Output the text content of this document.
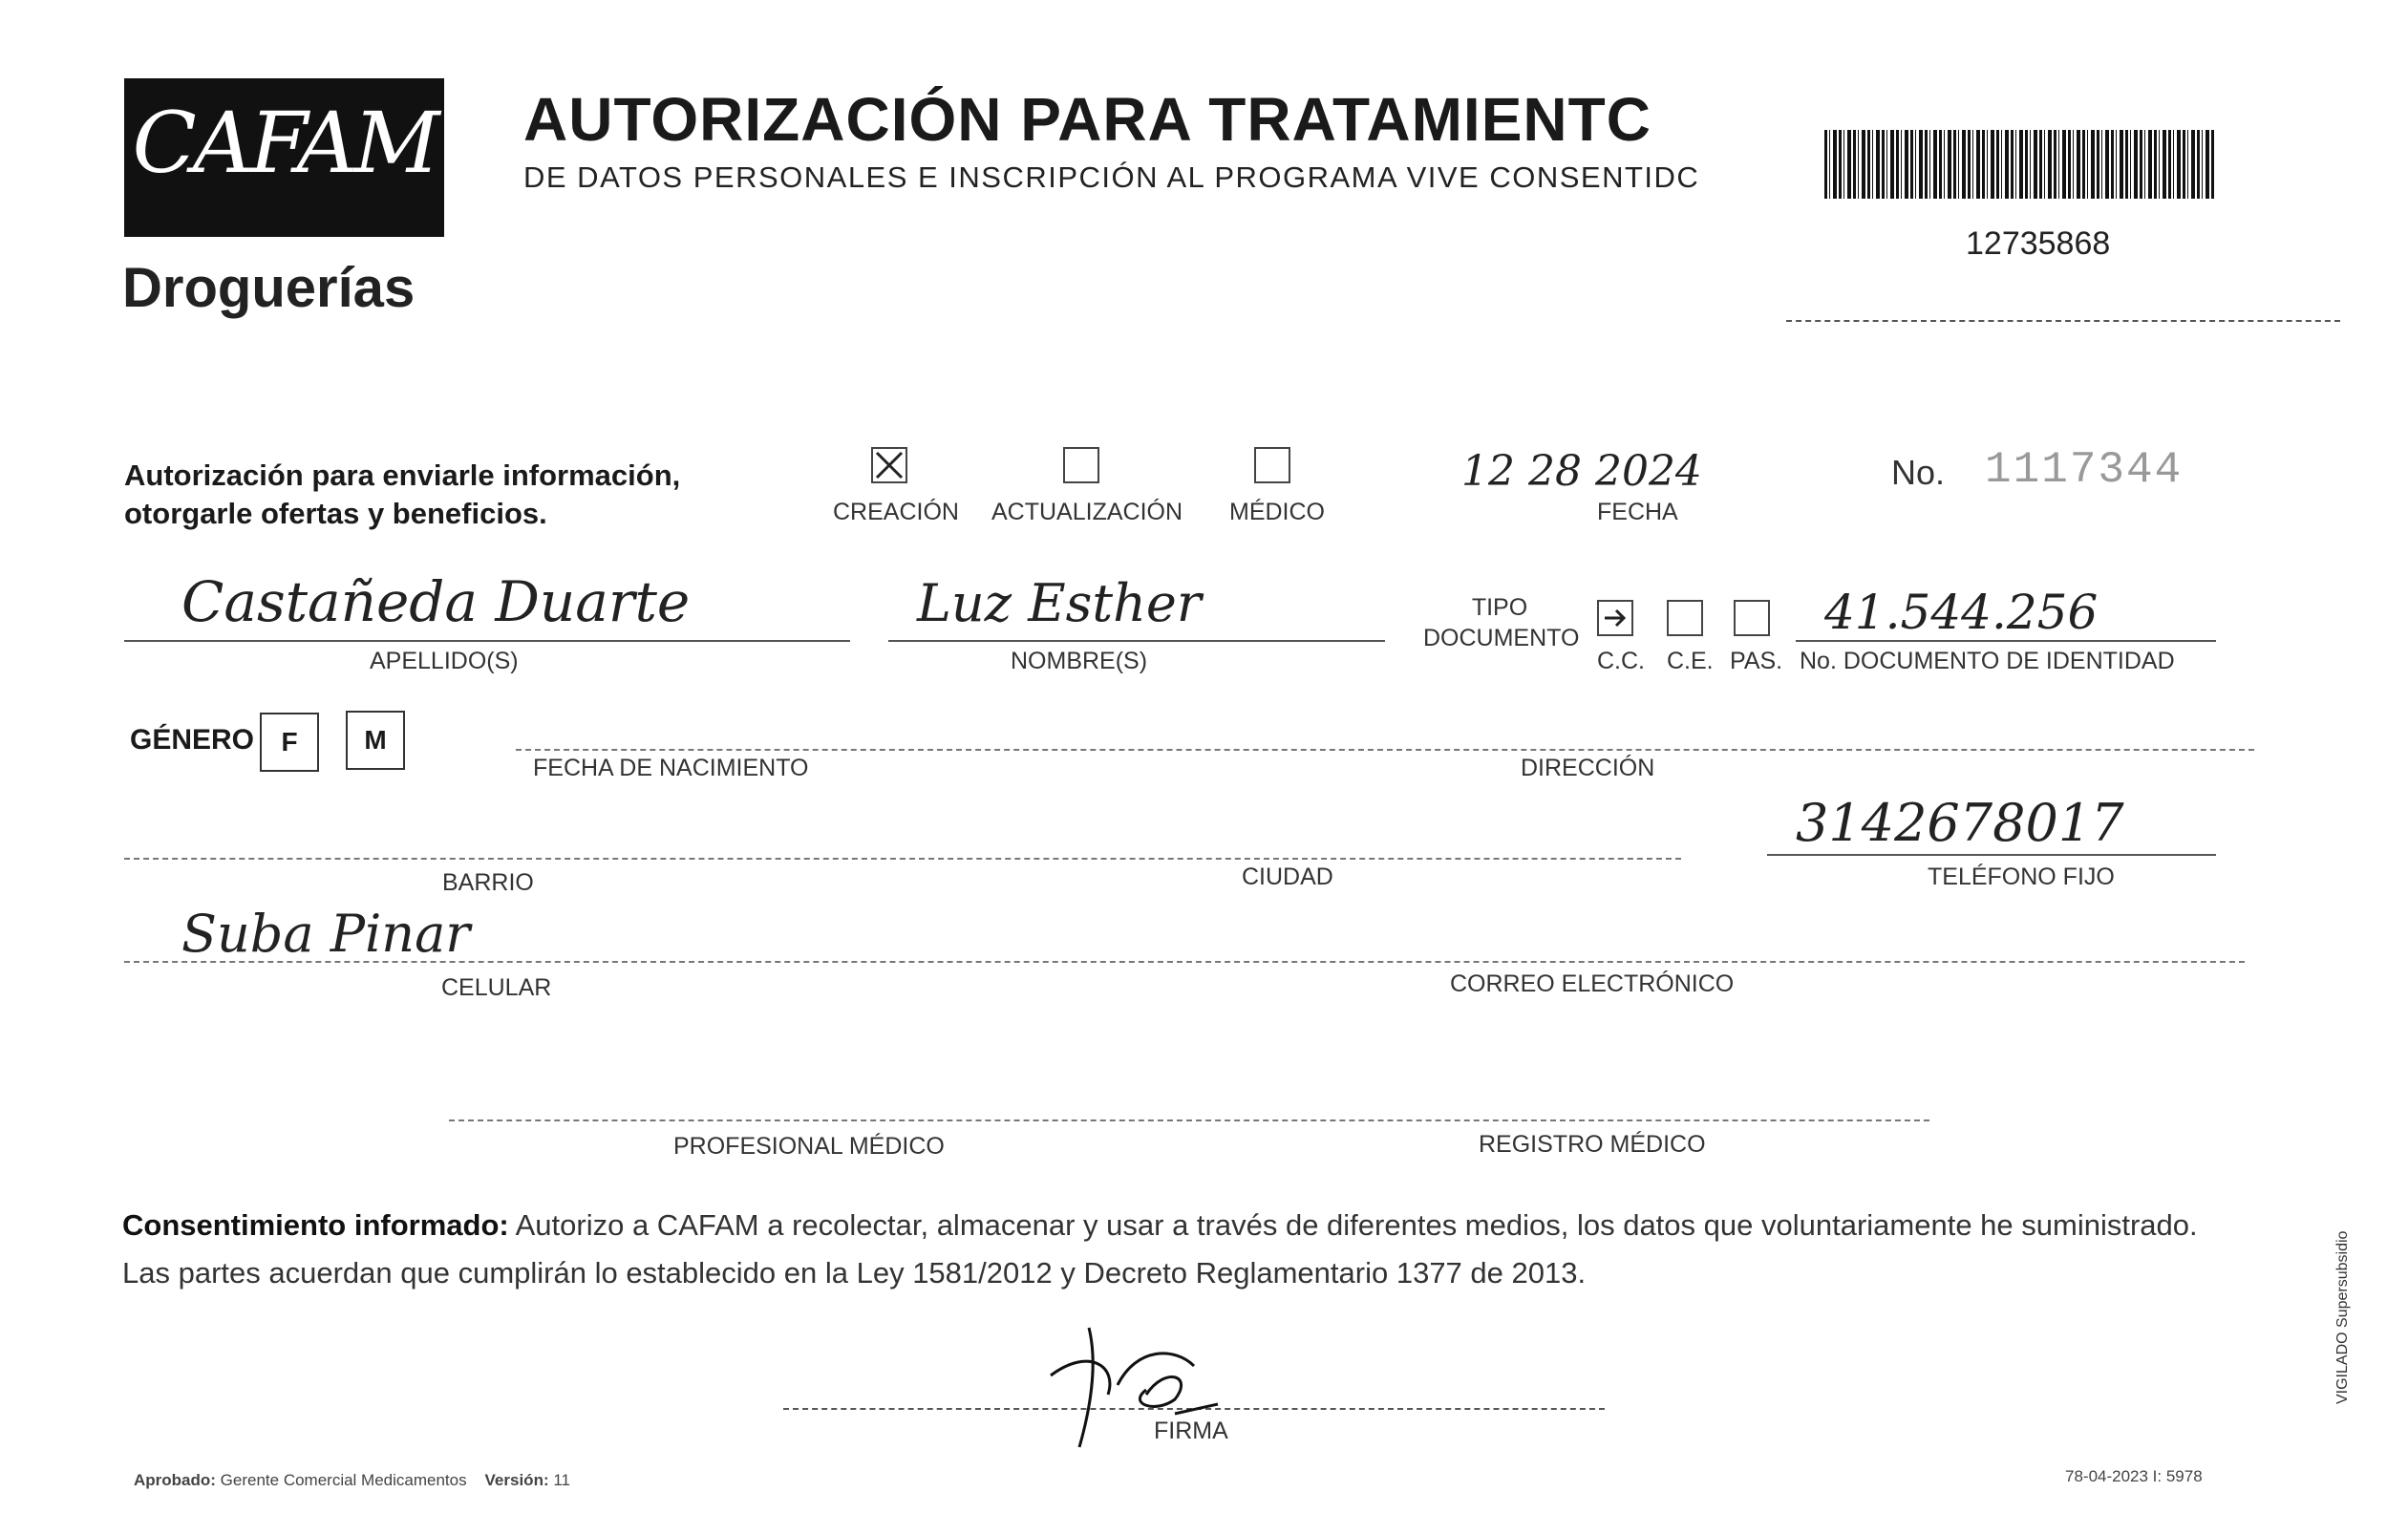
CAFAM
Droguerías
AUTORIZACIÓN PARA TRATAMIENTC
DE DATOS PERSONALES E INSCRIPCIÓN AL PROGRAMA VIVE CONSENTIDC
12735868
Autorización para enviarle información, otorgarle ofertas y beneficios.	CREACIÓN ACTUALIZACIÓN MÉDICO
12 28 2024
FECHA
No. 1117344
Castañeda Duarte
APELLIDO(S)
Luz Esther
NOMBRE(S)
TIPO DOCUMENTO
C.C. C.E. PAS.
41.544.256
No. DOCUMENTO DE IDENTIDAD
GÉNERO	F	M
FECHA DE NACIMIENTO	DIRECCIÓN
BARRIO	CIUDAD
3142678017
TELÉFONO FIJO
Suba Pinar
CELULAR	CORREO ELECTRÓNICO
PROFESIONAL MÉDICO	REGISTRO MÉDICO
Consentimiento informado: Autorizo a CAFAM a recolectar, almacenar y usar a través de diferentes medios, los datos que voluntariamente he suministrado.
Las partes acuerdan que cumplirán lo establecido en la Ley 1581/2012 y Decreto Reglamentario 1377 de 2013.
FIRMA
Aprobado: Gerente Comercial Medicamentos Versión: 11	78-04-2023 I: 5978
VIGILADO Supersubsidio
